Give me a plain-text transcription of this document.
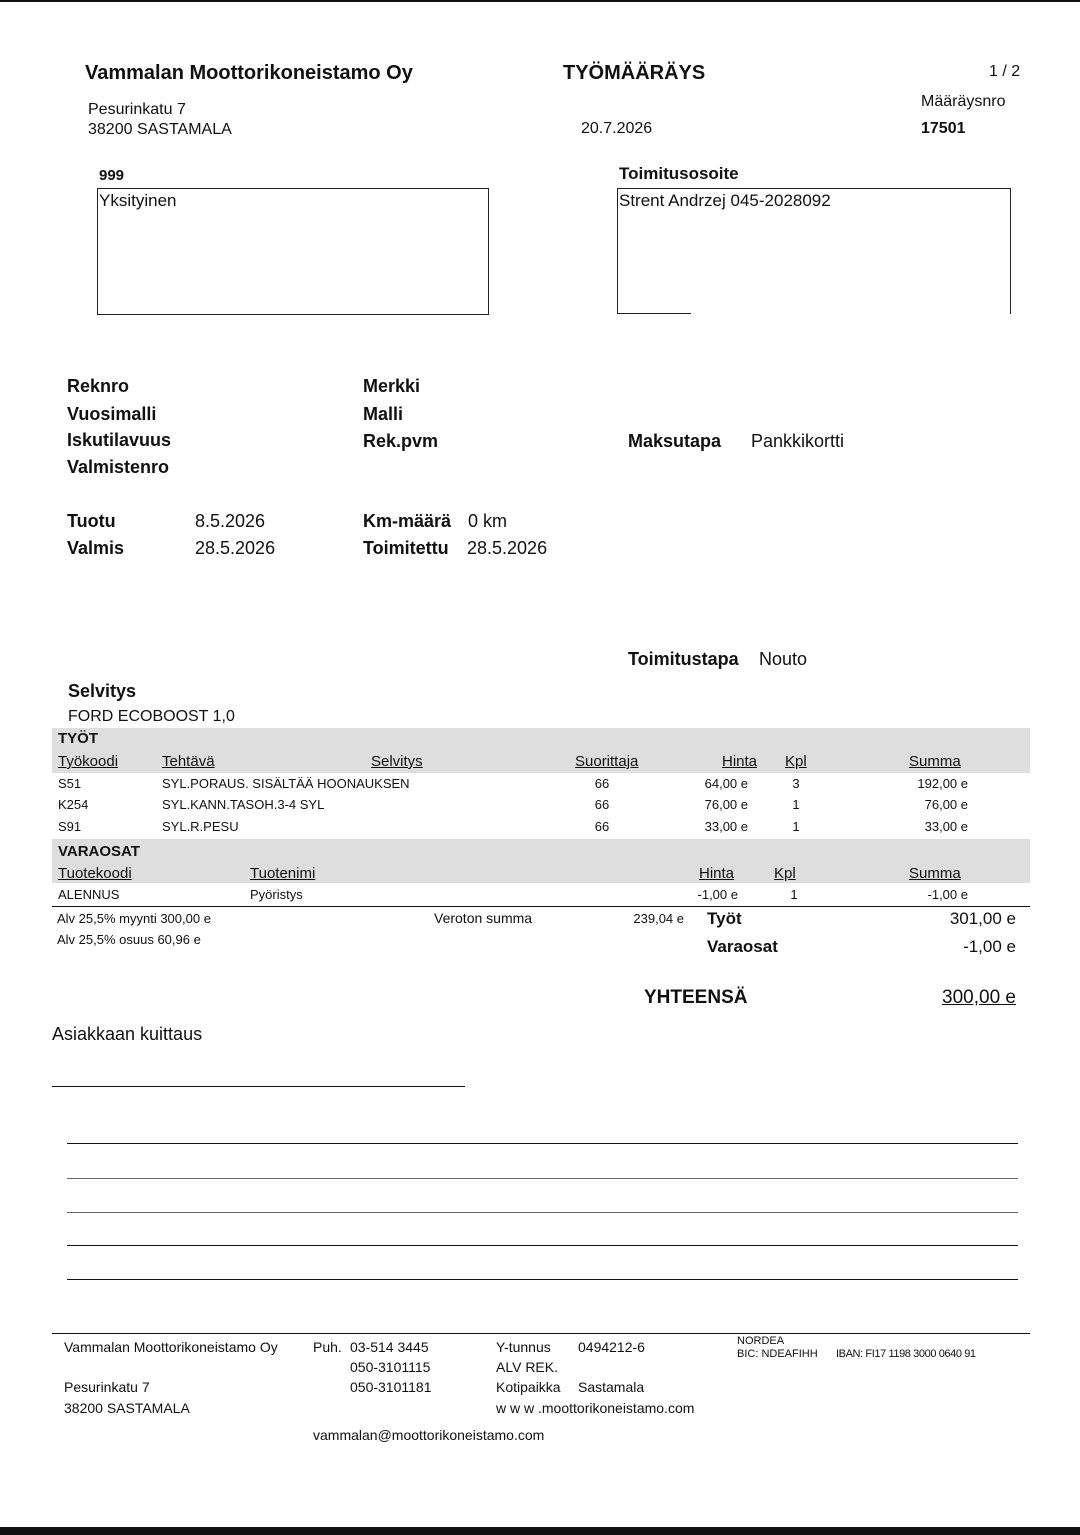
Vammalan Moottorikoneistamo Oy	TYÖMÄÄRÄYS	1 / 2
Pesurinkatu 7
38200 SASTAMALA	20.7.2026
Määräysnro
17501
999
Yksityinen
Toimitusosoite
Strent Andrzej 045-2028092
Reknro
Vuosimalli
Iskutilavuus
Valmistenro
Merkki
Malli
Rek.pvm	Maksutapa Pankkikortti
Tuotu	8.5.2026
Valmis	28.5.2026
Km-määrä 0 km
Toimitettu 28.5.2026
Toimitustapa Nouto
Selvitys
FORD ECOBOOST 1,0
TYÖT
Työkoodi	Tehtävä	Selvitys	Suorittaja	Hinta Kpl	Summa
S51	SYL.PORAUS. SISÄLTÄÄ HOONAUKSEN	66	64,00 e	3	192,00 e
K254	SYL.KANN.TASOH.3-4 SYL	66	76,00 e	1	76,00 e
S91	SYL.R.PESU	66	33,00 e	1	33,00 e
VARAOSAT
Tuotekoodi	Tuotenimi	Hinta	Kpl	Summa
ALENNUS	Pyöristys	-1,00 e	1	-1,00 e
Alv 25,5% myynti 300,00 e
Alv 25,5% osuus 60,96 e
Veroton summa	239,04 e Työt	301,00 e
Varaosat	-1,00 e
YHTEENSÄ	300,00 e
Asiakkaan kuittaus
Vammalan Moottorikoneistamo Oy
Pesurinkatu 7
38200 SASTAMALA
Puh. 03-514 3445
050-3101115
050-3101181
Y-tunnus 0494212-6
ALV REK.
Kotipaikka Sastamala
w w w .moottorikoneistamo.com
vammalan@moottorikoneistamo.com
NORDEA
BIC: NDEAFIHH IBAN: FI17 1198 3000 0640 91
